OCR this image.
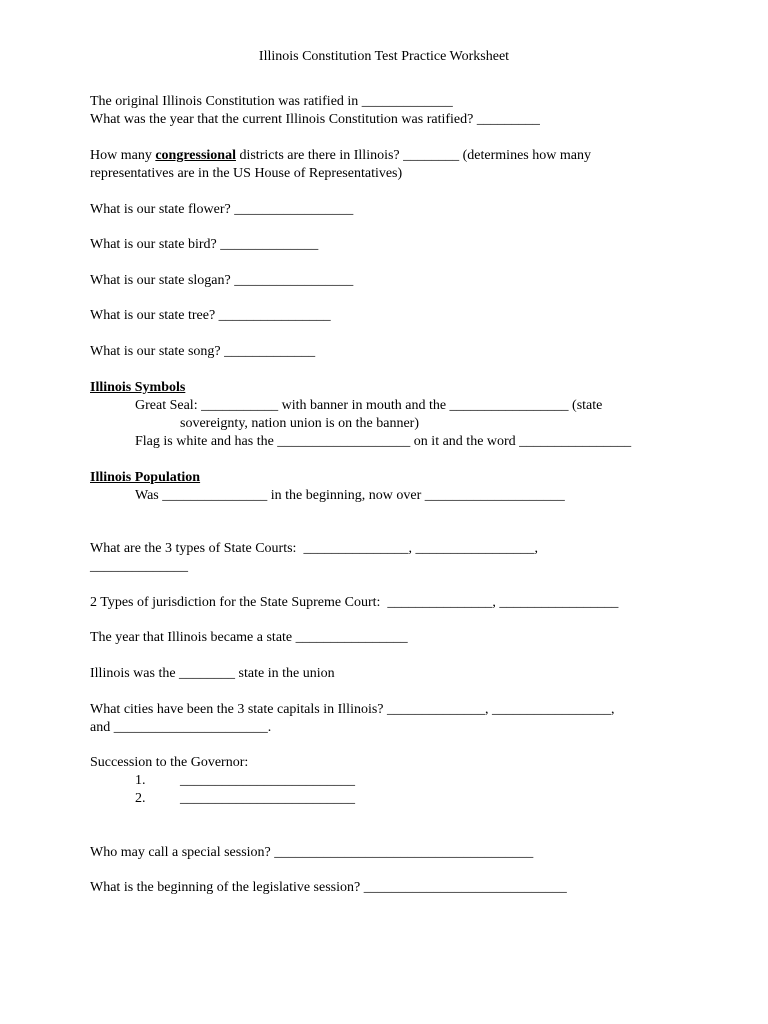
Illinois Constitution Test Practice Worksheet
The original Illinois Constitution was ratified in _____________
What was the year that the current Illinois Constitution was ratified? _________
How many congressional districts are there in Illinois? ________ (determines how many
representatives are in the US House of Representatives)
What is our state flower? _________________
What is our state bird? ______________
What is our state slogan? _________________
What is our state tree? ________________
What is our state song? _____________
Illinois Symbols
Great Seal: ___________ with banner in mouth and the _________________ (state
sovereignty, nation union is on the banner)
Flag is white and has the ___________________ on it and the word ________________
Illinois Population
Was _______________ in the beginning, now over ____________________
What are the 3 types of State Courts:  _______________, _________________,
______________
2 Types of jurisdiction for the State Supreme Court:  _______________, _________________
The year that Illinois became a state ________________
Illinois was the ________ state in the union
What cities have been the 3 state capitals in Illinois? ______________, _________________,
and ______________________.
Succession to the Governor:
1. _________________________
2. _________________________
Who may call a special session? _____________________________________
What is the beginning of the legislative session? _____________________________
